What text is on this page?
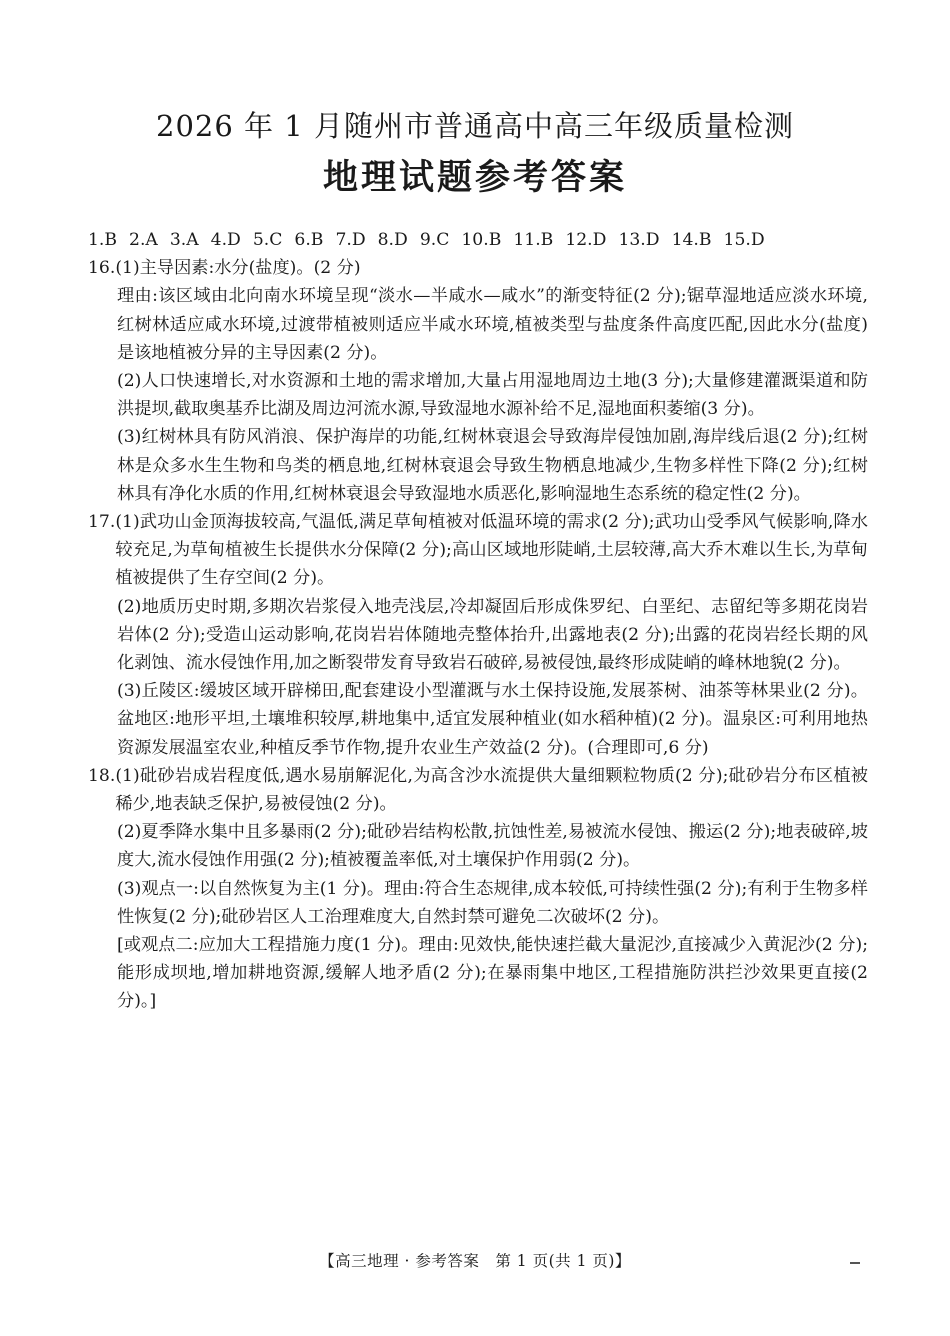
2026 年 1 月随州市普通高中高三年级质量检测
地理试题参考答案
1.B 2.A 3.A 4.D 5.C 6.B 7.D 8.D 9.C 10.B 11.B 12.D 13.D 14.B 15.D
16. (1)主导因素:水分(盐度)。(2 分)

理由:该区域由北向南水环境呈现“淡水—半咸水—咸水”的渐变特征(2 分);锯草湿地适应淡水环境,红树林适应咸水环境,过渡带植被则适应半咸水环境,植被类型与盐度条件高度匹配,因此水分(盐度)是该地植被分异的主导因素(2 分)。

(2)人口快速增长,对水资源和土地的需求增加,大量占用湿地周边土地(3 分);大量修建灌溉渠道和防洪提坝,截取奥基乔比湖及周边河流水源,导致湿地水源补给不足,湿地面积萎缩(3 分)。

(3)红树林具有防风消浪、保护海岸的功能,红树林衰退会导致海岸侵蚀加剧,海岸线后退(2 分);红树林是众多水生生物和鸟类的栖息地,红树林衰退会导致生物栖息地减少,生物多样性下降(2 分);红树林具有净化水质的作用,红树林衰退会导致湿地水质恶化,影响湿地生态系统的稳定性(2 分)。

17. (1)武功山金顶海拔较高,气温低,满足草甸植被对低温环境的需求(2 分);武功山受季风气候影响,降水较充足,为草甸植被生长提供水分保障(2 分);高山区域地形陡峭,土层较薄,高大乔木难以生长,为草甸植被提供了生存空间(2 分)。

(2)地质历史时期,多期次岩浆侵入地壳浅层,冷却凝固后形成侏罗纪、白垩纪、志留纪等多期花岗岩岩体(2 分);受造山运动影响,花岗岩岩体随地壳整体抬升,出露地表(2 分);出露的花岗岩经长期的风化剥蚀、流水侵蚀作用,加之断裂带发育导致岩石破碎,易被侵蚀,最终形成陡峭的峰林地貌(2 分)。

(3)丘陵区:缓坡区域开辟梯田,配套建设小型灌溉与水土保持设施,发展茶树、油茶等林果业(2 分)。盆地区:地形平坦,土壤堆积较厚,耕地集中,适宜发展种植业(如水稻种植)(2 分)。温泉区:可利用地热资源发展温室农业,种植反季节作物,提升农业生产效益(2 分)。(合理即可,6 分)

18. (1)砒砂岩成岩程度低,遇水易崩解泥化,为高含沙水流提供大量细颗粒物质(2 分);砒砂岩分布区植被稀少,地表缺乏保护,易被侵蚀(2 分)。

(2)夏季降水集中且多暴雨(2 分);砒砂岩结构松散,抗蚀性差,易被流水侵蚀、搬运(2 分);地表破碎,坡度大,流水侵蚀作用强(2 分);植被覆盖率低,对土壤保护作用弱(2 分)。

(3)观点一:以自然恢复为主(1 分)。理由:符合生态规律,成本较低,可持续性强(2 分);有利于生物多样性恢复(2 分);砒砂岩区人工治理难度大,自然封禁可避免二次破坏(2 分)。

[或观点二:应加大工程措施力度(1 分)。理由:见效快,能快速拦截大量泥沙,直接减少入黄泥沙(2 分);能形成坝地,增加耕地资源,缓解人地矛盾(2 分);在暴雨集中地区,工程措施防洪拦沙效果更直接(2 分)。]

【高三地理 · 参考答案　第 1 页(共 1 页)】
